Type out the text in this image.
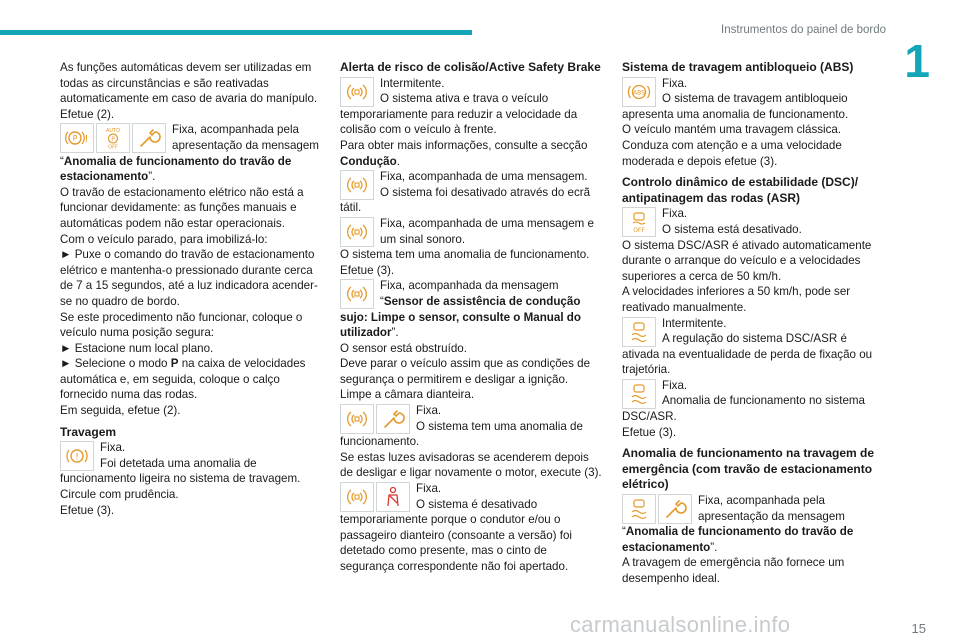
Instrumentos do painel de bordo
1

As funções automáticas devem ser utilizadas em todas as circunstâncias e são reativadas automaticamente em caso de avaria do manípulo. Efetue (2).

P !
AUTO
P
OFF

Fixa, acompanhada pela apresentação da mensagem “Anomalia de funcionamento do travão de estacionamento”.

O travão de estacionamento elétrico não está a funcionar devidamente: as funções manuais e automáticas podem não estar operacionais.

Com o veículo parado, para imobilizá-lo:

► Puxe o comando do travão de estacionamento elétrico e mantenha-o pressionado durante cerca de 7 a 15 segundos, até a luz indicadora acender-se no quadro de bordo.

Se este procedimento não funcionar, coloque o veículo numa posição segura:

► Estacione num local plano.

► Selecione o modo P na caixa de velocidades automática e, em seguida, coloque o calço fornecido numa das rodas.

Em seguida, efetue (2).

Travagem
!

Fixa.

Foi detetada uma anomalia de funcionamento ligeira no sistema de travagem.

Circule com prudência.

Efetue (3).

Alerta de risco de colisão/Active Safety Brake

Intermitente.

O sistema ativa e trava o veículo temporariamente para reduzir a velocidade da colisão com o veículo à frente.

Para obter mais informações, consulte a secção Condução.

Fixa, acompanhada de uma mensagem.

O sistema foi desativado através do ecrã tátil.

Fixa, acompanhada de uma mensagem e um sinal sonoro.

O sistema tem uma anomalia de funcionamento.

Efetue (3).

Fixa, acompanhada da mensagem “Sensor de assistência de condução sujo: Limpe o sensor, consulte o Manual do utilizador”.

O sensor está obstruído.

Deve parar o veículo assim que as condições de segurança o permitirem e desligar a ignição.

Limpe a câmara dianteira.

Fixa.

O sistema tem uma anomalia de funcionamento.

Se estas luzes avisadoras se acenderem depois de desligar e ligar novamente o motor, execute (3).

Fixa.

O sistema é desativado temporariamente porque o condutor e/ou o passageiro dianteiro (consoante a versão) foi detetado como presente, mas o cinto de segurança correspondente não foi apertado.

Sistema de travagem antibloqueio (ABS)
ABS

Fixa.

O sistema de travagem antibloqueio apresenta uma anomalia de funcionamento.

O veículo mantém uma travagem clássica.

Conduza com atenção e a uma velocidade moderada e depois efetue (3).

Controlo dinâmico de estabilidade (DSC)/ antipatinagem das rodas (ASR)
OFF

Fixa.

O sistema está desativado.

O sistema DSC/ASR é ativado automaticamente durante o arranque do veículo e a velocidades superiores a cerca de 50 km/h.

A velocidades inferiores a 50 km/h, pode ser reativado manualmente.

Intermitente.

A regulação do sistema DSC/ASR é ativada na eventualidade de perda de fixação ou trajetória.

Fixa.

Anomalia de funcionamento no sistema DSC/ASR.

Efetue (3).

Anomalia de funcionamento na travagem de emergência (com travão de estacionamento elétrico)

Fixa, acompanhada pela apresentação da mensagem “Anomalia de funcionamento do travão de estacionamento”.

A travagem de emergência não fornece um desempenho ideal.

carmanualsonline.info	15
